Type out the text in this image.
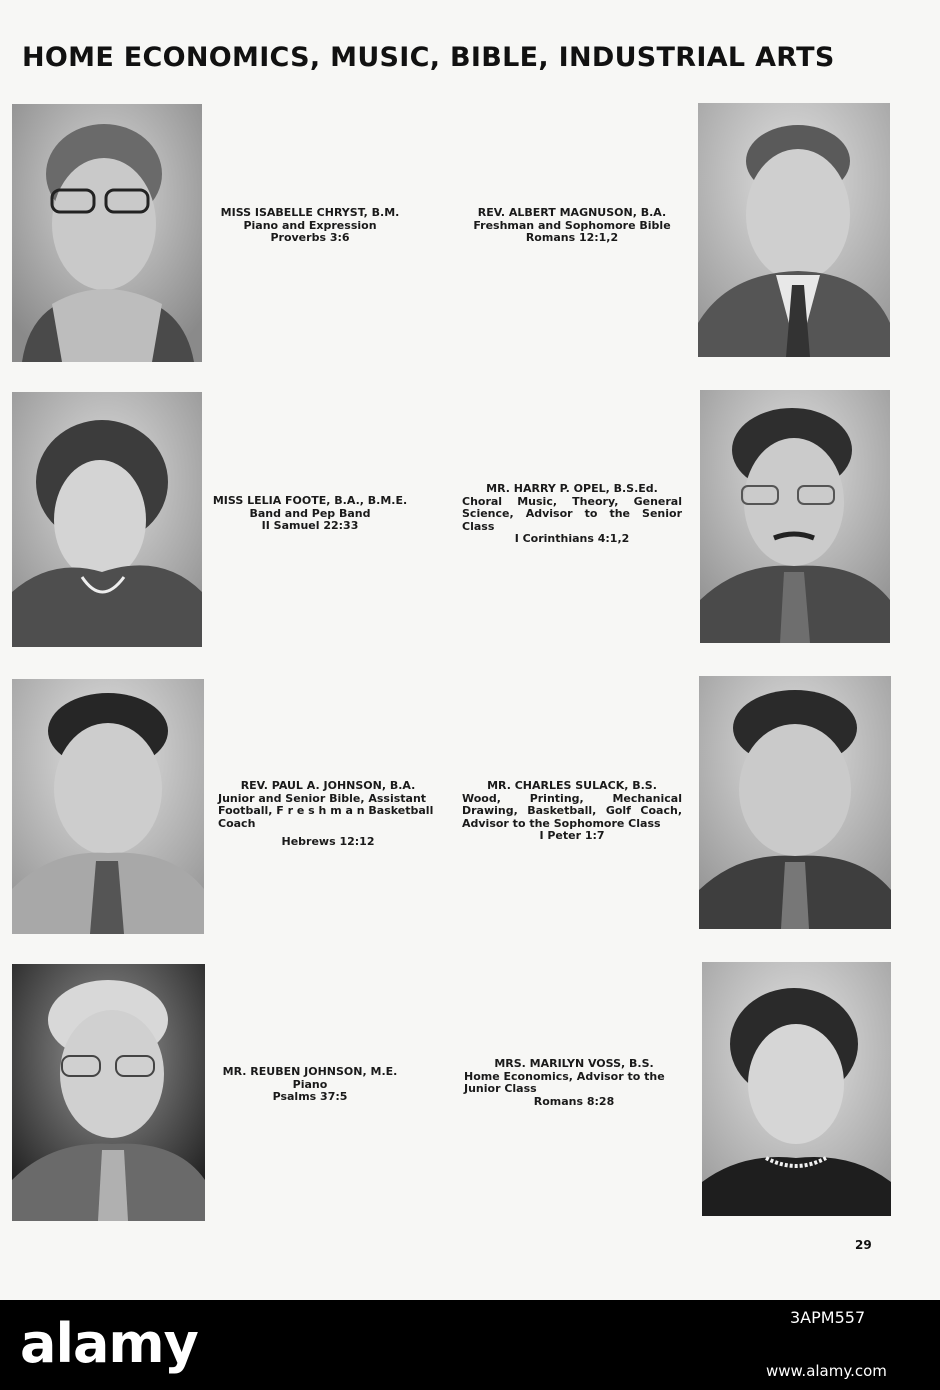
HOME ECONOMICS, MUSIC, BIBLE, INDUSTRIAL ARTS
MISS ISABELLE CHRYST, B.M.
Piano and Expression
Proverbs 3:6
REV. ALBERT MAGNUSON, B.A.
Freshman and Sophomore Bible
Romans 12:1,2
MISS LELIA FOOTE, B.A., B.M.E.
Band and Pep Band
II Samuel 22:33
MR. HARRY P. OPEL, B.S.Ed.
Choral Music, Theory, General Science, Advisor to the Senior Class
I Corinthians 4:1,2
REV. PAUL A. JOHNSON, B.A.
Junior and Senior Bible, Assistant Football, F r e s h m a n Basketball Coach
Hebrews 12:12
MR. CHARLES SULACK, B.S.
Wood, Printing, Mechanical Drawing, Basketball, Golf Coach, Advisor to the Sophomore Class
I Peter 1:7
MR. REUBEN JOHNSON, M.E.
Piano
Psalms 37:5
MRS. MARILYN VOSS, B.S.
Home Economics, Advisor to the Junior Class
Romans 8:28
29
alamy	3APM557
www.alamy.com
